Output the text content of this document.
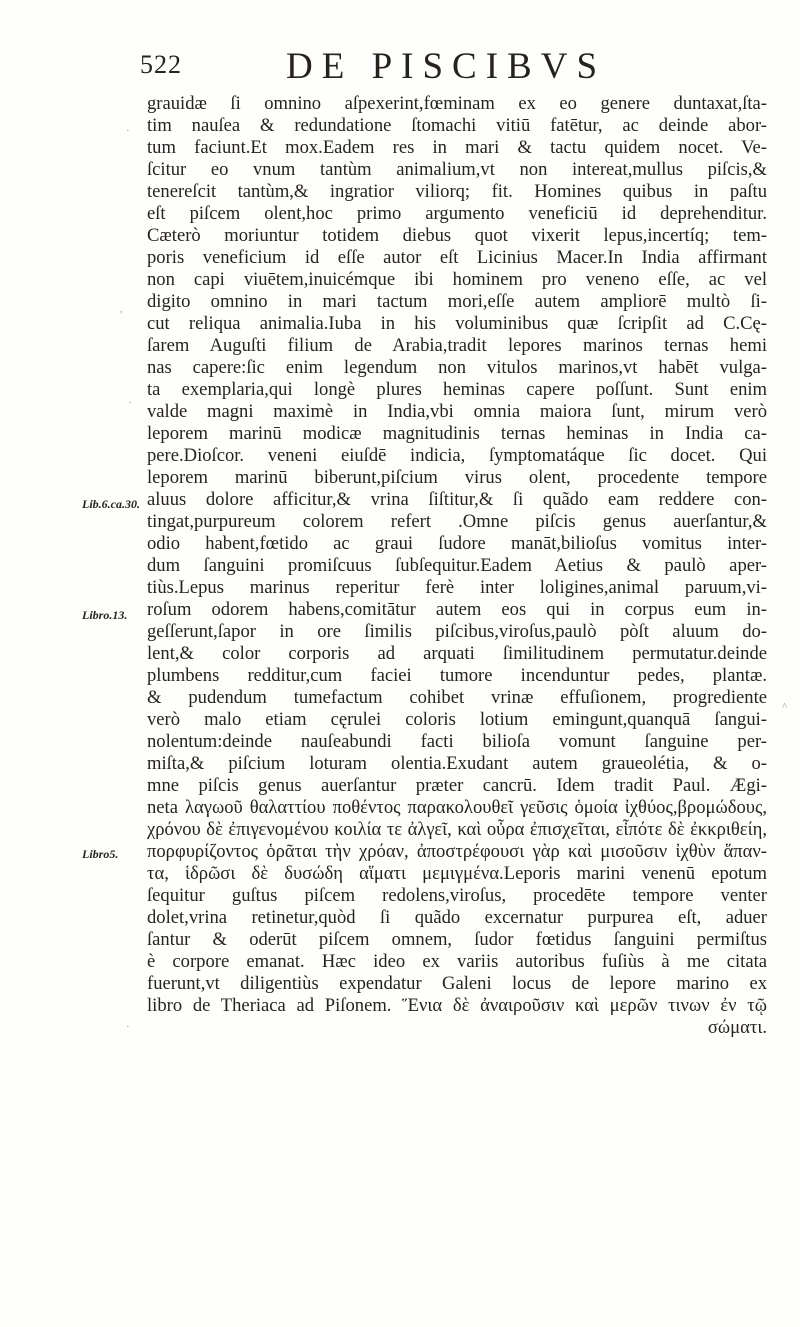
522	DE PISCIBVS
grauidæ ſi omnino aſpexerint,fœminam ex eo genere duntaxat,ſta-
tim nauſea & redundatione ſtomachi vitiū fatētur, ac deinde abor-
tum faciunt.Et mox.Eadem res in mari & tactu quidem nocet. Ve-
ſcitur eo vnum tantùm animalium,vt non intereat,mullus piſcis,&
tenereſcit tantùm,& ingratior viliorq; fit. Homines quibus in paſtu
eſt piſcem olent,hoc primo argumento veneficiū id deprehenditur.
Cæterò moriuntur totidem diebus quot vixerit lepus,incertíq; tem-
poris veneficium id eſſe autor eſt Licinius Macer.In India affirmant
non capi viuētem,inuicémque ibi hominem pro veneno eſſe, ac vel
digito omnino in mari tactum mori,eſſe autem ampliorē multò ſi-
cut reliqua animalia.Iuba in his voluminibus quæ ſcripſit ad C.Cę-
ſarem Auguſti filium de Arabia,tradit lepores marinos ternas hemi
nas capere:ſic enim legendum non vitulos marinos,vt habēt vulga-
ta exemplaria,qui longè plures heminas capere poſſunt. Sunt enim
valde magni maximè in India,vbi omnia maiora ſunt, mirum verò
leporem marinū modicæ magnitudinis ternas heminas in India ca-
pere.Dioſcor. veneni eiuſdē indicia, ſymptomatáque ſic docet. Qui
leporem marinū biberunt,piſcium virus olent, procedente tempore
aluus dolore afficitur,& vrina ſiſtitur,& ſi quãdo eam reddere con-
tingat,purpureum colorem refert .Omne piſcis genus auerſantur,&
odio habent,fœtido ac graui ſudore manāt,bilioſus vomitus inter-
dum ſanguini promiſcuus ſubſequitur.Eadem Aetius & paulò aper-
tiùs.Lepus marinus reperitur ferè inter loligines,animal paruum,vi-
roſum odorem habens,comitātur autem eos qui in corpus eum in-
geſſerunt,ſapor in ore ſimilis piſcibus,viroſus,paulò pòſt aluum do-
lent,& color corporis ad arquati ſimilitudinem permutatur.deinde
plumbens redditur,cum faciei tumore incenduntur pedes, plantæ.
& pudendum tumefactum cohibet vrinæ effuſionem, progrediente
verò malo etiam cęrulei coloris lotium emingunt,quanquā ſangui-
nolentum:deinde nauſeabundi facti bilioſa vomunt ſanguine per-
miſta,& piſcium loturam olentia.Exudant autem graueolétia, & o-
mne piſcis genus auerſantur præter cancrū. Idem tradit Paul. Ægi-
neta λαγωοῦ θαλαττίου ποθέντος παρακολουθεῖ γεῦσις ὁμοία ἰχθύος,βρομώδους,
χρόνου δὲ ἐπιγενομένου κοιλία τε ἀλγεῖ, καὶ οὖρα ἐπισχεῖται, εἶπότε δὲ ἐκκριθείη,
πορφυρίζοντος ὁρᾶται τὴν χρόαν, ἀποστρέφουσι γὰρ καὶ μισοῦσιν ἰχθὺν ἅπαν-
τα, ἱδρῶσι δὲ δυσώδη αἵματι μεμιγμένα.Leporis marini venenū epotum
ſequitur guſtus piſcem redolens,viroſus, procedēte tempore venter
dolet,vrina retinetur,quòd ſi quãdo excernatur purpurea eſt, aduer
ſantur & oderūt piſcem omnem, ſudor fœtidus ſanguini permiſtus
è corpore emanat. Hæc ideo ex variis autoribus fuſiùs à me citata
fuerunt,vt diligentiùs expendatur Galeni locus de lepore marino ex
libro de Theriaca ad Piſonem. Ἕνια δὲ ἀναιροῦσιν καὶ μερῶν τινων ἐν τῷ
σώματι.
Lib.6.ca.30.
Libro.13.
Libro5.
·
'
·
^
·
